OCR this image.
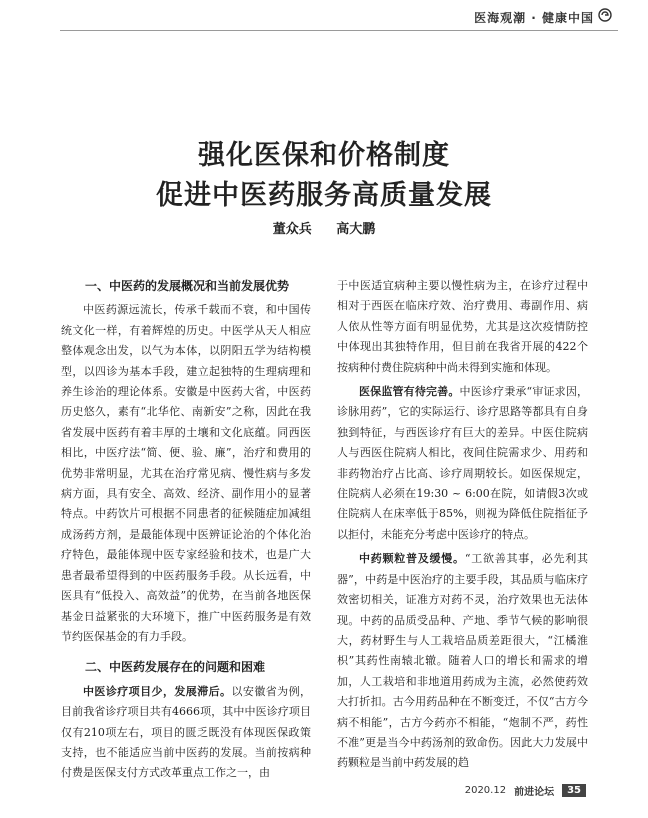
医海观潮 · 健康中国
强化医保和价格制度
促进中医药服务高质量发展
董众兵 高大鹏
一、中医药的发展概况和当前发展优势

中医药源远流长，传承千载而不衰，和中国传统文化一样，有着辉煌的历史。中医学从天人相应整体观念出发，以气为本体，以阴阳五学为结构模型，以四诊为基本手段，建立起独特的生理病理和养生诊治的理论体系。安徽是中医药大省，中医药历史悠久，素有“北华佗、南新安”之称，因此在我省发展中医药有着丰厚的土壤和文化底蕴。同西医相比，中医疗法“简、便、验、廉”，治疗和费用的优势非常明显，尤其在治疗常见病、慢性病与多发病方面，具有安全、高效、经济、副作用小的显著特点。中药饮片可根据不同患者的征候随症加减组成汤药方剂，是最能体现中医辨证论治的个体化治疗特色，最能体现中医专家经验和技术，也是广大患者最希望得到的中医药服务手段。从长远看，中医具有“低投入、高效益”的优势，在当前各地医保基金日益紧张的大环境下，推广中医药服务是有效节约医保基金的有力手段。

二、中医药发展存在的问题和困难

中医诊疗项目少，发展滞后。以安徽省为例，目前我省诊疗项目共有4666项，其中中医诊疗项目仅有210项左右，项目的匮乏既没有体现医保政策支持，也不能适应当前中医药的发展。当前按病种付费是医保支付方式改革重点工作之一，由

于中医适宜病种主要以慢性病为主，在诊疗过程中相对于西医在临床疗效、治疗费用、毒副作用、病人依从性等方面有明显优势，尤其是这次疫情防控中体现出其独特作用，但目前在我省开展的422个按病种付费住院病种中尚未得到实施和体现。

医保监管有待完善。中医诊疗秉承“审证求因，诊脉用药”，它的实际运行、诊疗思路等都具有自身独到特征，与西医诊疗有巨大的差异。中医住院病人与西医住院病人相比，夜间住院需求少、用药和非药物治疗占比高、诊疗周期较长。如医保规定，住院病人必须在19:30 ~ 6:00在院，如请假3次或住院病人在床率低于85%，则视为降低住院指征予以拒付，未能充分考虑中医诊疗的特点。

中药颗粒普及缓慢。“工欲善其事，必先利其器”，中药是中医治疗的主要手段，其品质与临床疗效密切相关，证准方对药不灵，治疗效果也无法体现。中药的品质受品种、产地、季节气候的影响很大，药材野生与人工栽培品质差距很大，“江橘淮枳”其药性南辕北辙。随着人口的增长和需求的增加，人工栽培和非地道用药成为主流，必然使药效大打折扣。古今用药品种在不断变迁，不仅“古方今病不相能”，古方今药亦不相能，“炮制不严，药性不准”更是当今中药汤剂的致命伤。因此大力发展中药颗粒是当前中药发展的趋

2020.12 前进论坛	35
